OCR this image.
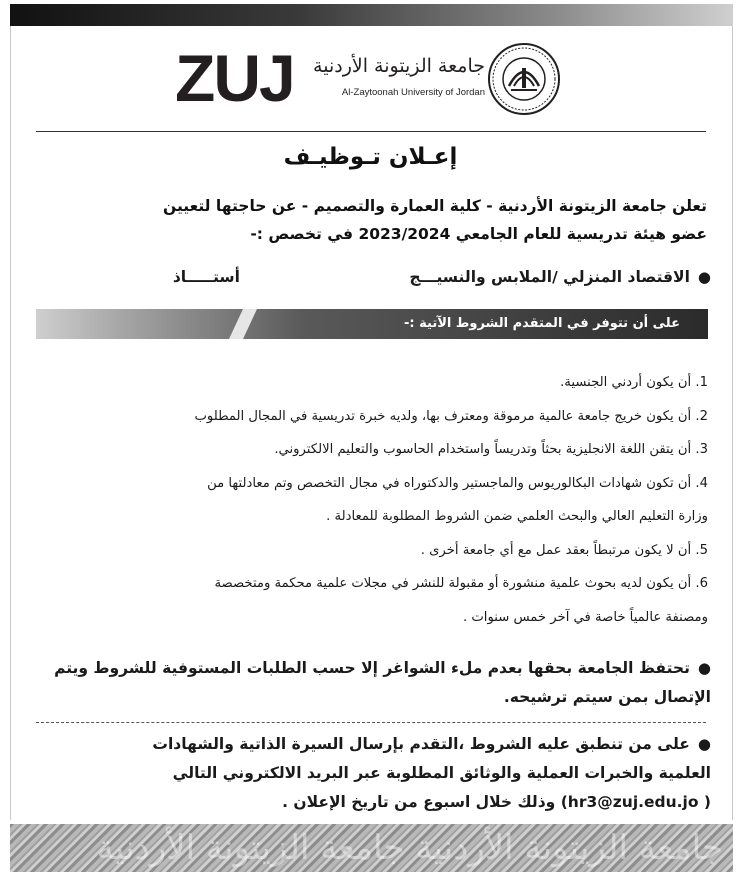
ZUJ	جامعة الزيتونة الأردنية
Al-Zaytoonah University of Jordan
إعـلان تـوظيـف
تعلن جامعة الزيتونة الأردنية - كلية العمارة والتصميم - عن حاجتها لتعيين
عضو هيئة تدريسية للعام الجامعي 2023/2024 في تخصص :-
●الاقتصاد المنزلي /الملابس والنسيـــج
أستـــــاذ
على أن تتوفر في المتقدم الشروط الآتية :-
1. أن يكون أردني الجنسية.
2. أن يكون خريج جامعة عالمية مرموقة ومعترف بها، ولديه خبرة تدريسية في المجال المطلوب
3. أن يتقن اللغة الانجليزية بحثاً وتدريساً واستخدام الحاسوب والتعليم الالكتروني.
4. أن تكون شهادات البكالوريوس والماجستير والدكتوراه في مجال التخصص وتم معادلتها من
وزارة التعليم العالي والبحث العلمي ضمن الشروط المطلوبة للمعادلة .
5. أن لا يكون مرتبطاً بعقد عمل مع أي جامعة أخرى .
6. أن يكون لديه بحوث علمية منشورة أو مقبولة للنشر في مجلات علمية محكمة ومتخصصة
ومصنفة عالمياً خاصة في آخر خمس سنوات .
●تحتفظ الجامعة بحقها بعدم ملء الشواغر إلا حسب الطلبات المستوفية للشروط ويتم
الإتصال بمن سيتم ترشيحه.
●على من تنطبق عليه الشروط ،التقدم بإرسال السيرة الذاتية والشهادات
العلمية والخبرات العملية والوثائق المطلوبة عبر البريد الالكتروني التالي
( hr3@zuj.edu.jo) وذلك خلال اسبوع من تاريخ الإعلان .
جامعة الزيتونة الأردنية جامعة الزيتونة الأردنية
